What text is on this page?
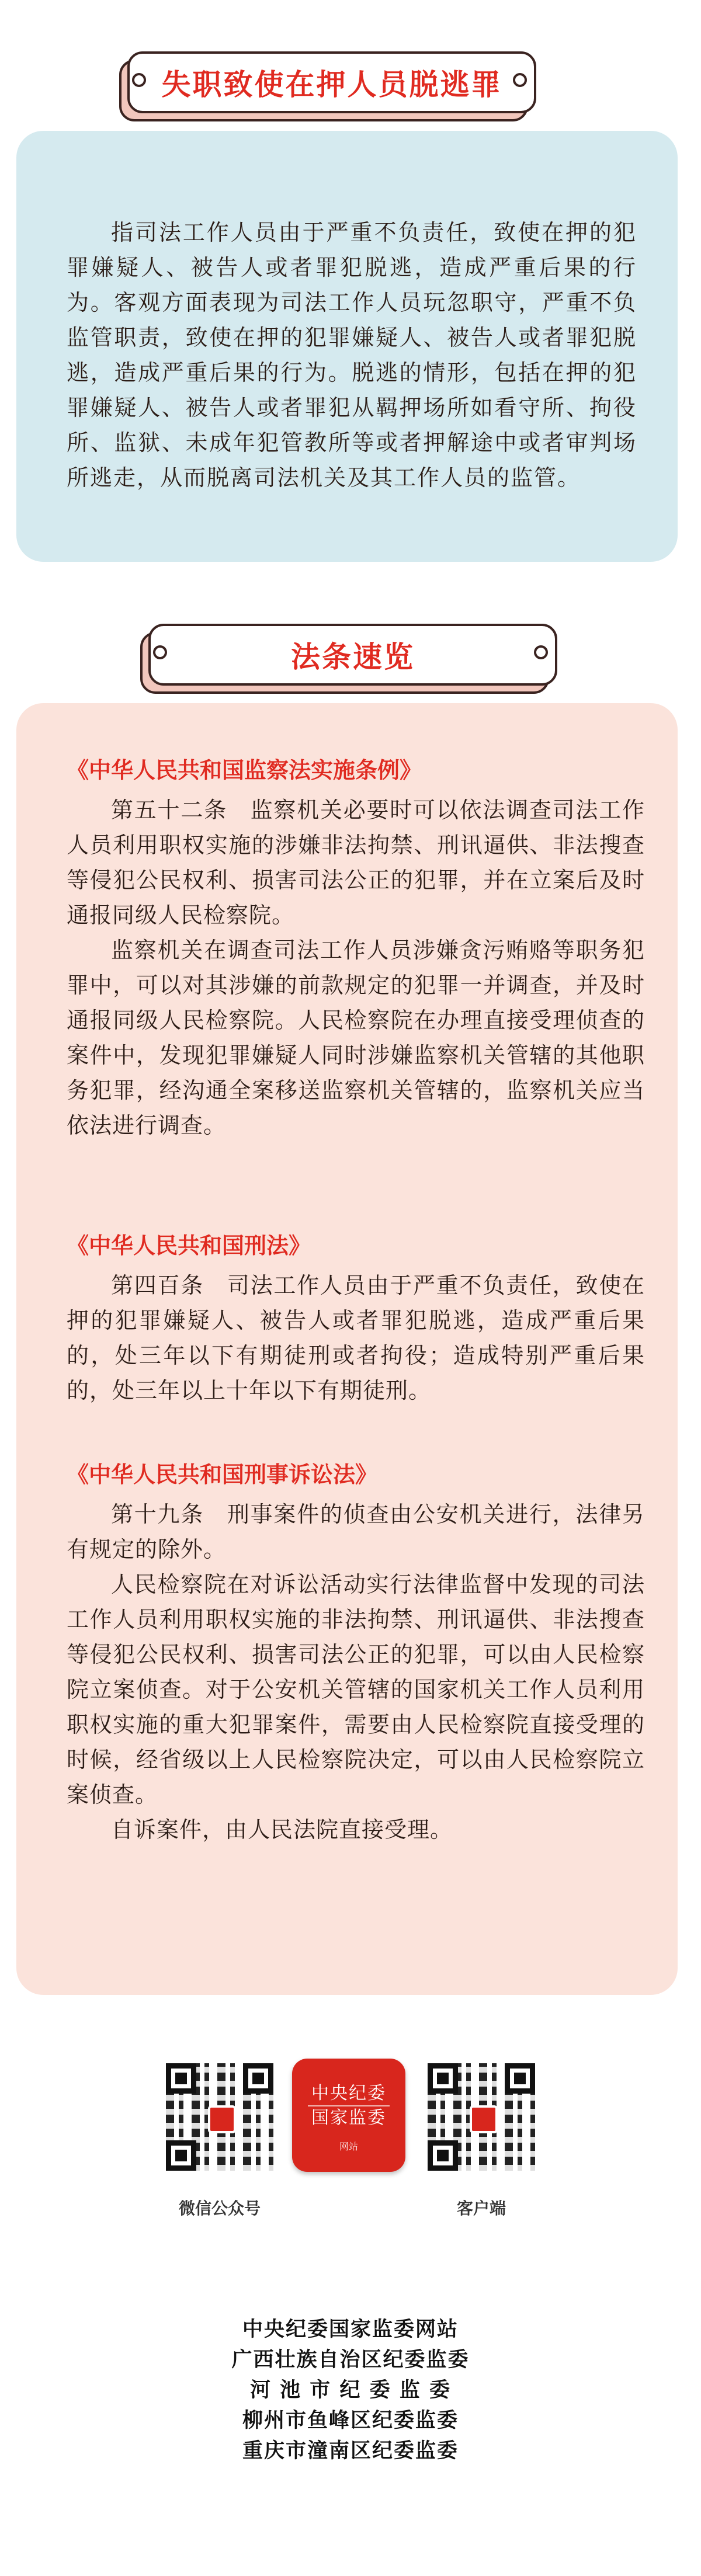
指司法工作人员由于严重不负责任，致使在押的犯罪嫌疑人、被告人或者罪犯脱逃，造成严重后果的行为。客观方面表现为司法工作人员玩忽职守，严重不负监管职责，致使在押的犯罪嫌疑人、被告人或者罪犯脱逃，造成严重后果的行为。脱逃的情形，包括在押的犯罪嫌疑人、被告人或者罪犯从羁押场所如看守所、拘役所、监狱、未成年犯管教所等或者押解途中或者审判场所逃走，从而脱离司法机关及其工作人员的监管。

失职致使在押人员脱逃罪

《中华人民共和国监察法实施条例》

第五十二条　监察机关必要时可以依法调查司法工作人员利用职权实施的涉嫌非法拘禁、刑讯逼供、非法搜查等侵犯公民权利、损害司法公正的犯罪，并在立案后及时通报同级人民检察院。

监察机关在调查司法工作人员涉嫌贪污贿赂等职务犯罪中，可以对其涉嫌的前款规定的犯罪一并调查，并及时通报同级人民检察院。人民检察院在办理直接受理侦查的案件中，发现犯罪嫌疑人同时涉嫌监察机关管辖的其他职务犯罪，经沟通全案移送监察机关管辖的，监察机关应当依法进行调查。

《中华人民共和国刑法》

第四百条　司法工作人员由于严重不负责任，致使在押的犯罪嫌疑人、被告人或者罪犯脱逃，造成严重后果的，处三年以下有期徒刑或者拘役；造成特别严重后果的，处三年以上十年以下有期徒刑。

《中华人民共和国刑事诉讼法》

第十九条　刑事案件的侦查由公安机关进行，法律另有规定的除外。

人民检察院在对诉讼活动实行法律监督中发现的司法工作人员利用职权实施的非法拘禁、刑讯逼供、非法搜查等侵犯公民权利、损害司法公正的犯罪，可以由人民检察院立案侦查。对于公安机关管辖的国家机关工作人员利用职权实施的重大犯罪案件，需要由人民检察院直接受理的时候，经省级以上人民检察院决定，可以由人民检察院立案侦查。

自诉案件，由人民法院直接受理。

法条速览
微信公众号
中央纪委
国家监委
网站
客户端
中央纪委国家监委网站
广西壮族自治区纪委监委
河 池 市 纪 委 监 委
柳州市鱼峰区纪委监委
重庆市潼南区纪委监委
